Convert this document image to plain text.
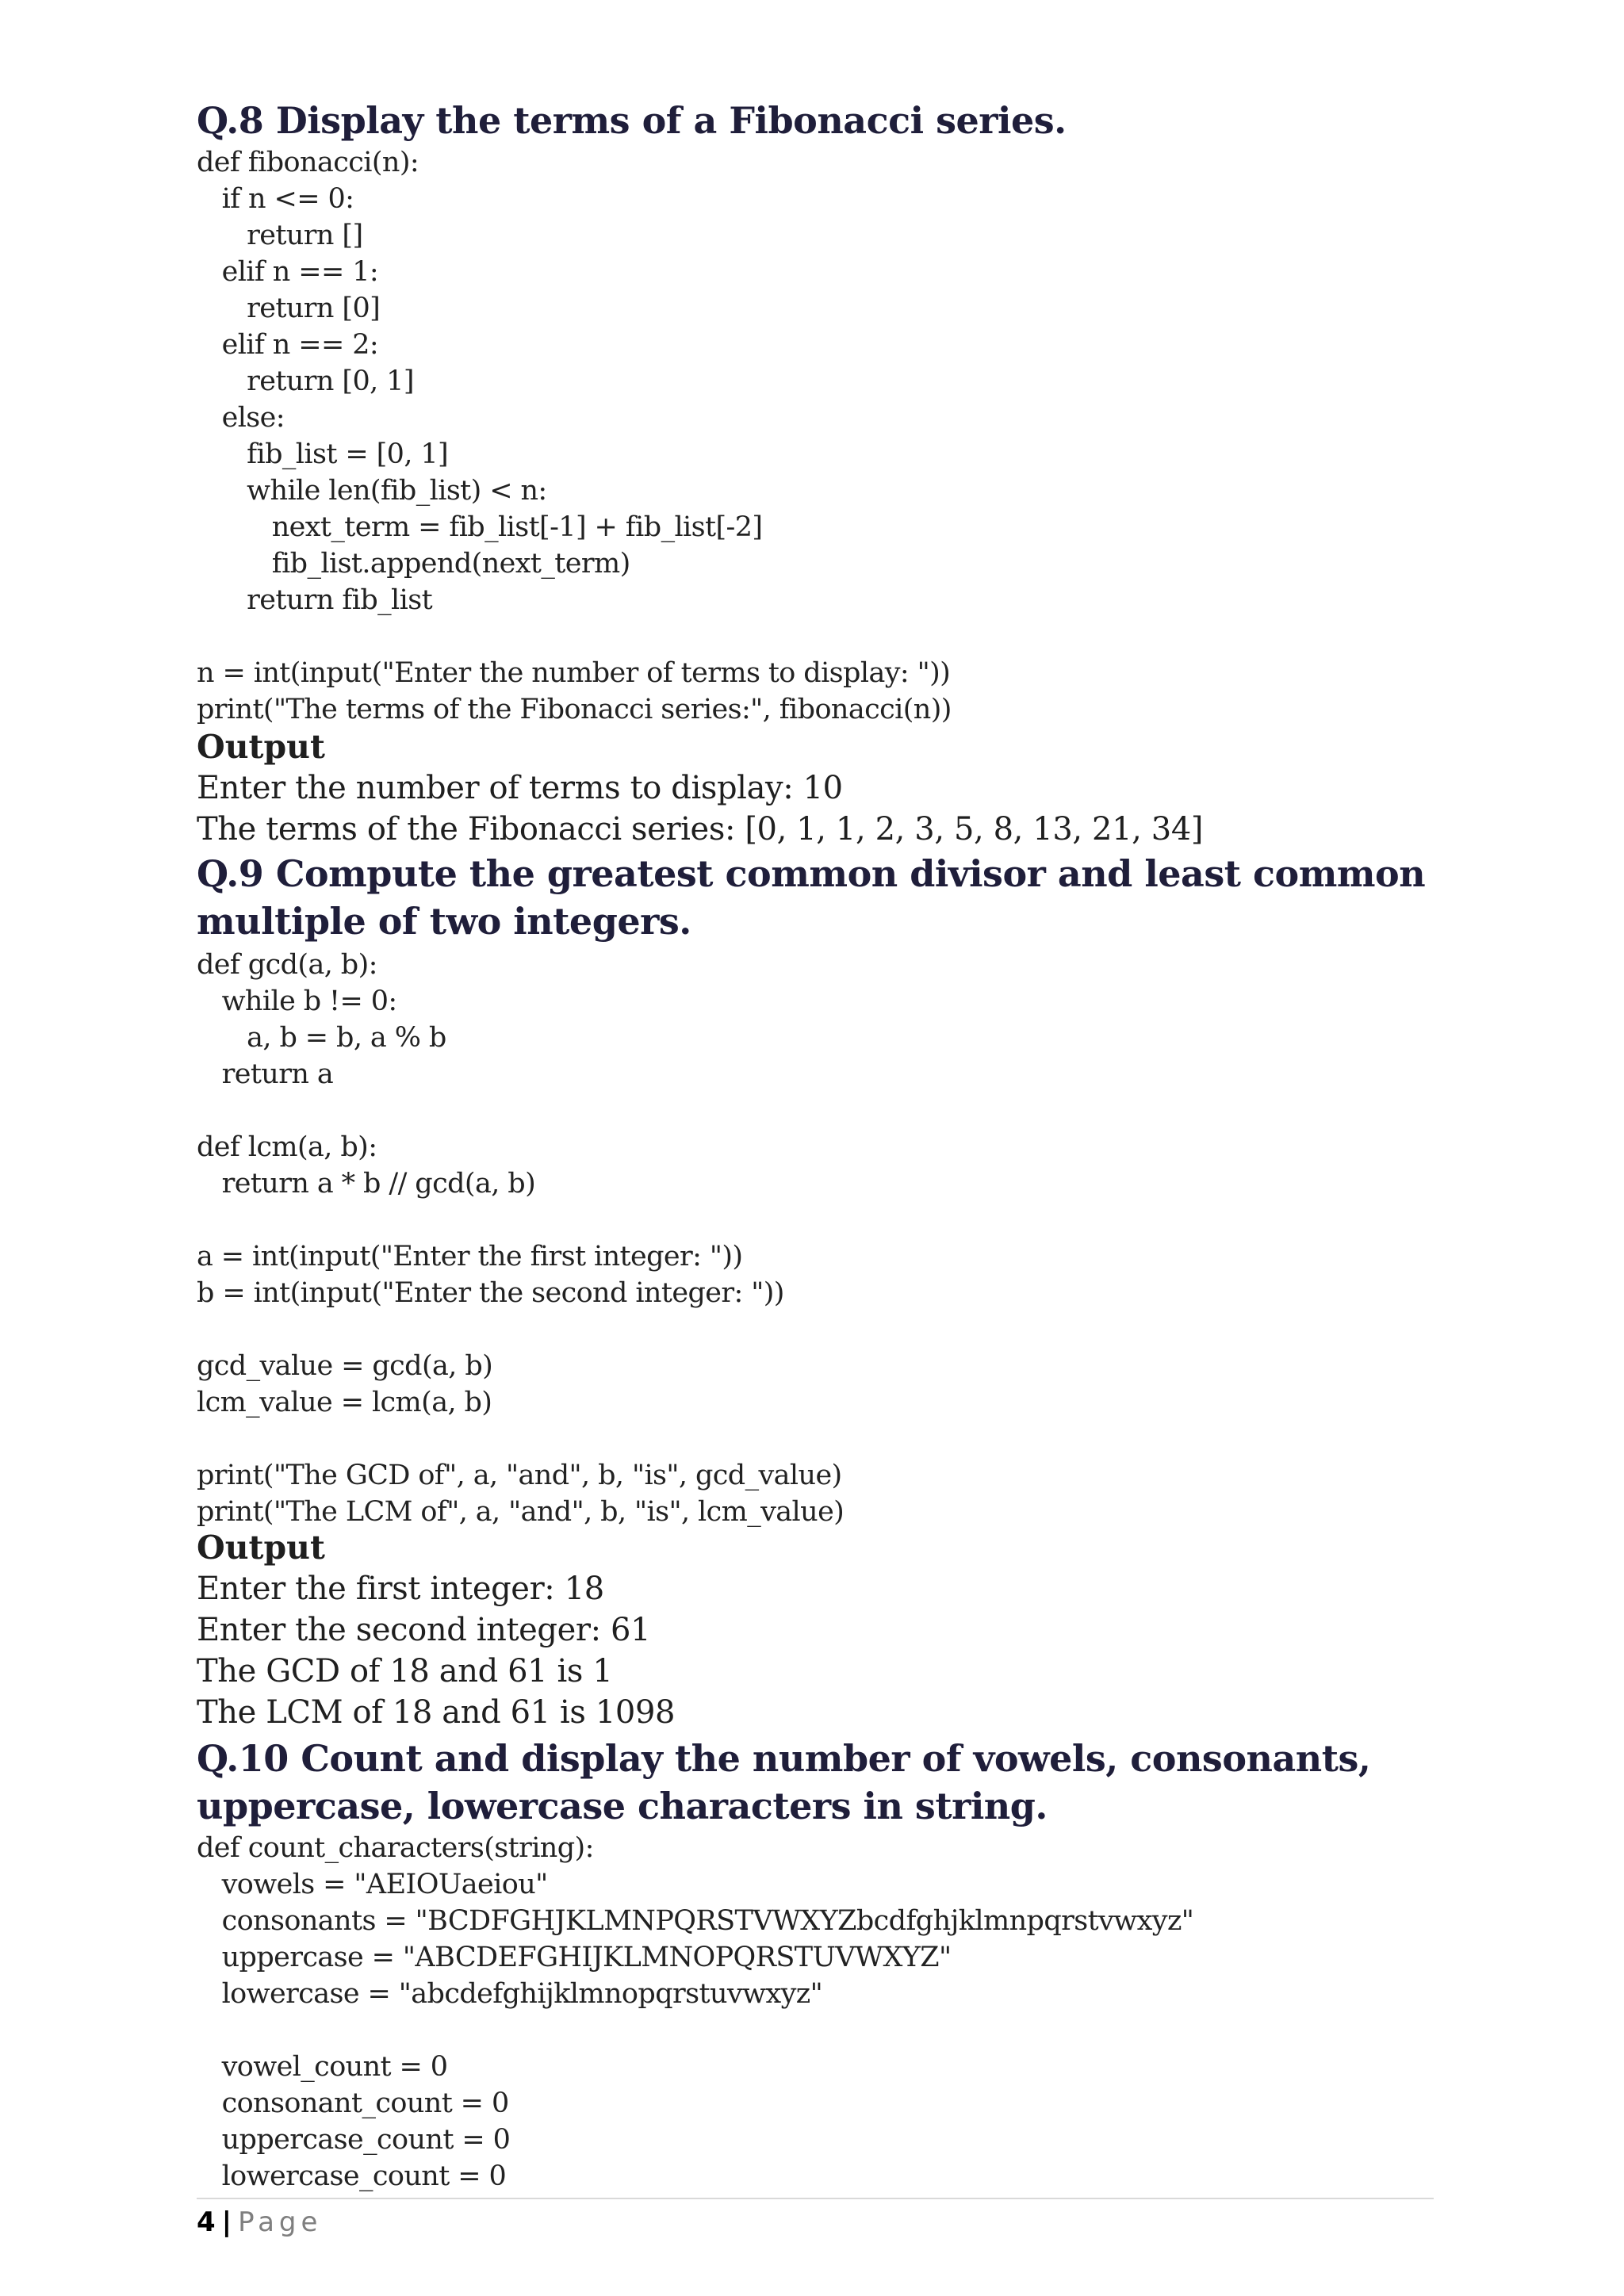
Q.8 Display the terms of a Fibonacci series.
def fibonacci(n):
if n <= 0:
return []
elif n == 1:
return [0]
elif n == 2:
return [0, 1]
else:
fib_list = [0, 1]
while len(fib_list) < n:
next_term = fib_list[-1] + fib_list[-2]
fib_list.append(next_term)
return fib_list

n = int(input("Enter the number of terms to display: "))
print("The terms of the Fibonacci series:", fibonacci(n))
Output
Enter the number of terms to display: 10
The terms of the Fibonacci series: [0, 1, 1, 2, 3, 5, 8, 13, 21, 34]
Q.9 Compute the greatest common divisor and least common multiple of two integers.
def gcd(a, b):
while b != 0:
a, b = b, a % b
return a

def lcm(a, b):
return a * b // gcd(a, b)

a = int(input("Enter the first integer: "))
b = int(input("Enter the second integer: "))

gcd_value = gcd(a, b)
lcm_value = lcm(a, b)

print("The GCD of", a, "and", b, "is", gcd_value)
print("The LCM of", a, "and", b, "is", lcm_value)
Output
Enter the first integer: 18
Enter the second integer: 61
The GCD of 18 and 61 is 1
The LCM of 18 and 61 is 1098
Q.10 Count and display the number of vowels, consonants, uppercase, lowercase characters in string.
def count_characters(string):
vowels = "AEIOUaeiou"
consonants = "BCDFGHJKLMNPQRSTVWXYZbcdfghjklmnpqrstvwxyz"
uppercase = "ABCDEFGHIJKLMNOPQRSTUVWXYZ"
lowercase = "abcdefghijklmnopqrstuvwxyz"

vowel_count = 0
consonant_count = 0
uppercase_count = 0
lowercase_count = 0
4 | Page
